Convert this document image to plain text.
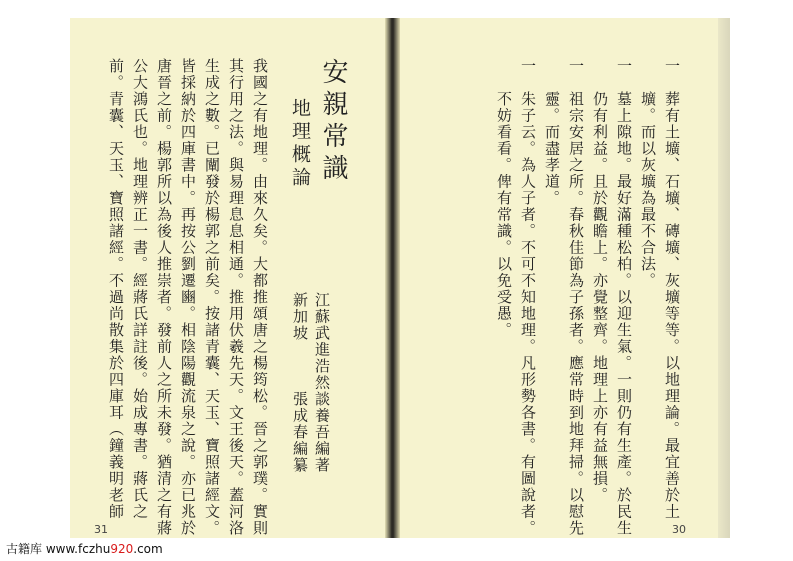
安親常識
地理概論
江蘇武進浩然談養吾編著
新加坡　　　張成春編纂
我國之有地理。由來久矣。大都推頌唐之楊筠松。晉之郭璞。實則
其行用之法。與易理息息相通。推用伏羲先天。文王後天。蓋河洛
生成之數。已闡發於楊郭之前矣。按諸青囊、天玉、寶照諸經文。
皆採納於四庫書中。再按公劉遷豳。相陰陽觀流泉之說。亦已兆於
唐晉之前。楊郭所以為後人推崇者。發前人之所未發。猶清之有蔣
公大鴻氏也。地理辨正一書。經蔣氏詳註後。始成專書。蔣氏之
前。青囊、天玉、寶照諸經。不過尚散集於四庫耳（鐘義明老師
31
一　葬有土壙、石壙、磚壙、灰壙等等。以地理論。最宜善於土
　　壙。而以灰壙為最不合法。
一　墓上隙地。最好滿種松柏。以迎生氣。一則仍有生產。於民生
　　仍有利益。且於觀瞻上。亦覺整齊。地理上亦有益無損。
一　祖宗安居之所。春秋佳節為子孫者。應常時到地拜掃。以慰先
　　靈。而盡孝道。
一　朱子云。為人子者。不可不知地理。凡形勢各書。有圖說者。
　　不妨看看。俾有常識。以免受愚。
30
古籍库 www.fczhu920.com
